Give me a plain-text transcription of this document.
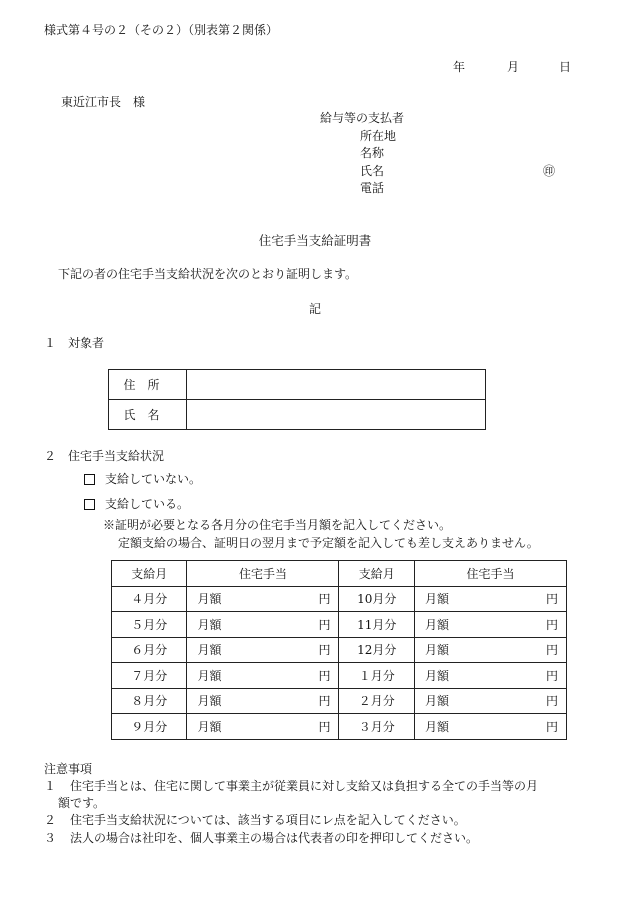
様式第４号の２（その２）（別表第２関係）
年	月	日
東近江市長　様
給与等の支払者
所在地
名称
氏名	㊞
電話
住宅手当支給証明書
下記の者の住宅手当支給状況を次のとおり証明します。
記
１　対象者
住所	
氏名	
２　住宅手当支給状況
支給していない。
支給している。
※証明が必要となる各月分の住宅手当月額を記入してください。
定額支給の場合、証明日の翌月まで予定額を記入しても差し支えありません。
支給月	住宅手当	支給月	住宅手当
４月分	月額 円	10月分	月額 円

５月分	月額 円	11月分	月額 円

６月分	月額 円	12月分	月額 円

７月分	月額 円	１月分	月額 円

８月分	月額 円	２月分	月額 円

９月分	月額 円	３月分	月額 円
注意事項
１ 住宅手当とは、住宅に関して事業主が従業員に対し支給又は負担する全ての手当等の月
額です。
２ 住宅手当支給状況については、該当する項目にレ点を記入してください。
３ 法人の場合は社印を、個人事業主の場合は代表者の印を押印してください。
